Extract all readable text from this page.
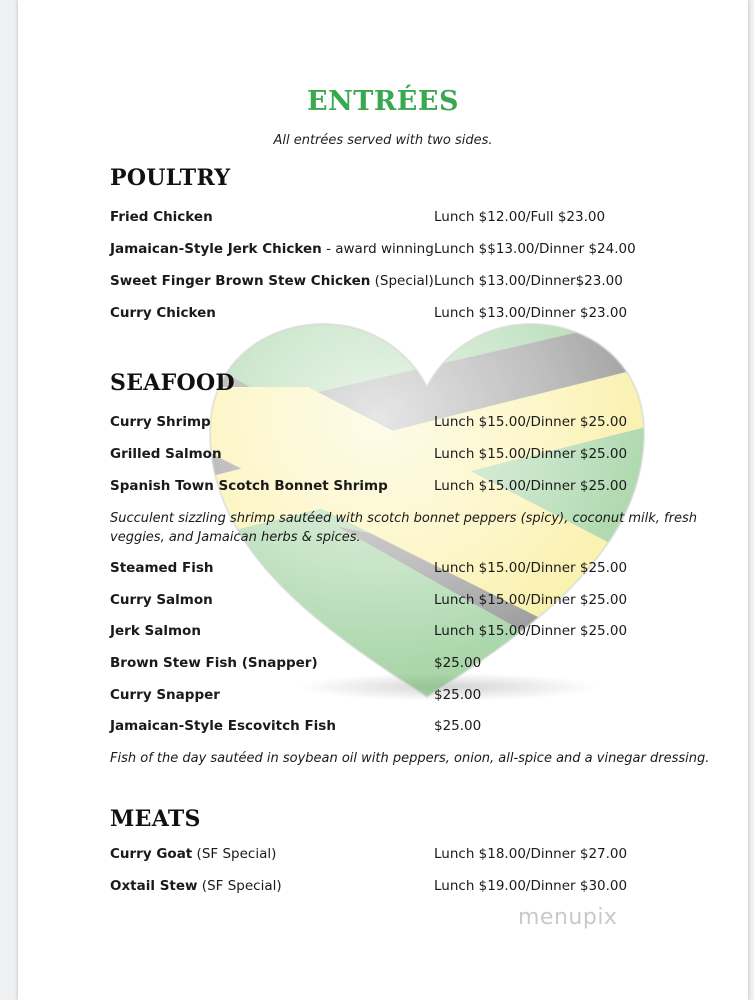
ENTRÉES
All entrées served with two sides.
POULTRY
Fried Chicken	Lunch $12.00/Full $23.00
Jamaican-Style Jerk Chicken - award winning Lunch $$13.00/Dinner $24.00
Sweet Finger Brown Stew Chicken (Special) Lunch $13.00/Dinner$23.00
Curry Chicken	Lunch $13.00/Dinner $23.00
SEAFOOD
Curry Shrimp	Lunch $15.00/Dinner $25.00
Grilled Salmon	Lunch $15.00/Dinner $25.00
Spanish Town Scotch Bonnet Shrimp	Lunch $15.00/Dinner $25.00
Succulent sizzling shrimp sautéed with scotch bonnet peppers (spicy), coconut milk, fresh veggies, and Jamaican herbs & spices.
Steamed Fish	Lunch $15.00/Dinner $25.00
Curry Salmon	Lunch $15.00/Dinner $25.00
Jerk Salmon	Lunch $15.00/Dinner $25.00
Brown Stew Fish (Snapper)	$25.00
Curry Snapper	$25.00
Jamaican-Style Escovitch Fish	$25.00
Fish of the day sautéed in soybean oil with peppers, onion, all-spice and a vinegar dressing.
MEATS
Curry Goat (SF Special)	Lunch $18.00/Dinner $27.00
Oxtail Stew (SF Special)	Lunch $19.00/Dinner $30.00
menupix
